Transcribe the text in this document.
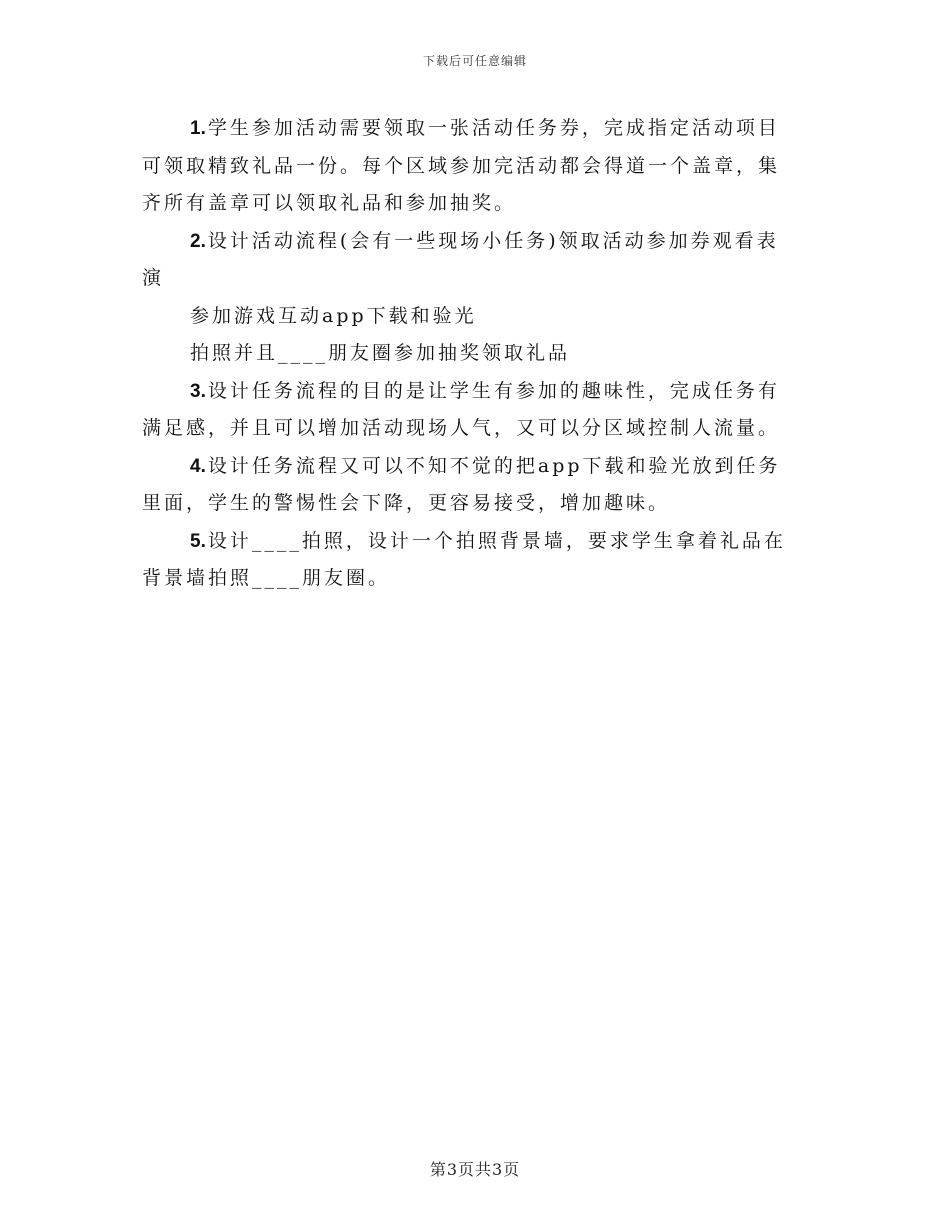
下载后可任意编辑

1. 学生参加活动需要领取一张活动任务券，完成指定活动项目可领取精致礼品一份。每个区域参加完活动都会得道一个盖章，集齐所有盖章可以领取礼品和参加抽奖。

2. 设计活动流程(会有一些现场小任务)领取活动参加券观看表演

参加游戏互动app下载和验光

拍照并且____朋友圈参加抽奖领取礼品

3. 设计任务流程的目的是让学生有参加的趣味性，完成任务有满足感，并且可以增加活动现场人气，又可以分区域控制人流量。

4. 设计任务流程又可以不知不觉的把app下载和验光放到任务里面，学生的警惕性会下降，更容易接受，增加趣味。

5. 设计____拍照，设计一个拍照背景墙，要求学生拿着礼品在背景墙拍照____朋友圈。

第3页共3页
